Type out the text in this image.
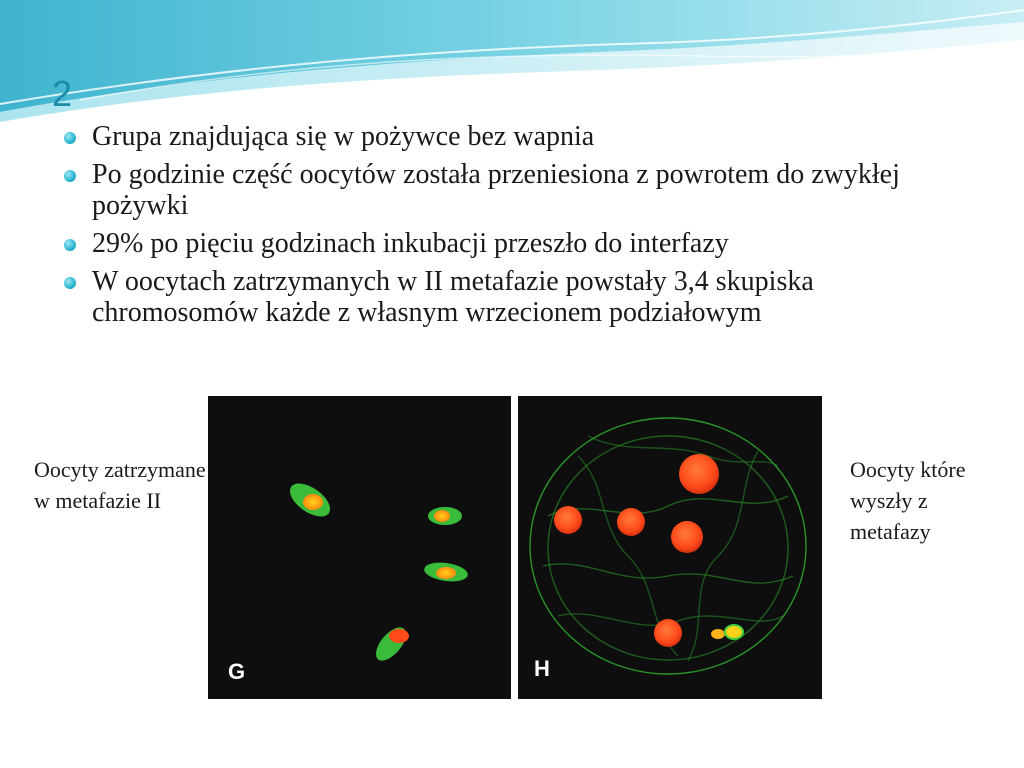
2
Grupa znajdująca się w pożywce bez wapnia
Po godzinie część oocytów została przeniesiona z powrotem do zwykłej pożywki
29% po pięciu godzinach inkubacji przeszło do interfazy
W oocytach zatrzymanych w II metafazie powstały 3,4 skupiska chromosomów każde z własnym wrzecionem podziałowym

Oocyty zatrzymane w metafazie II

Oocyty które wyszły z metafazy

G	H
